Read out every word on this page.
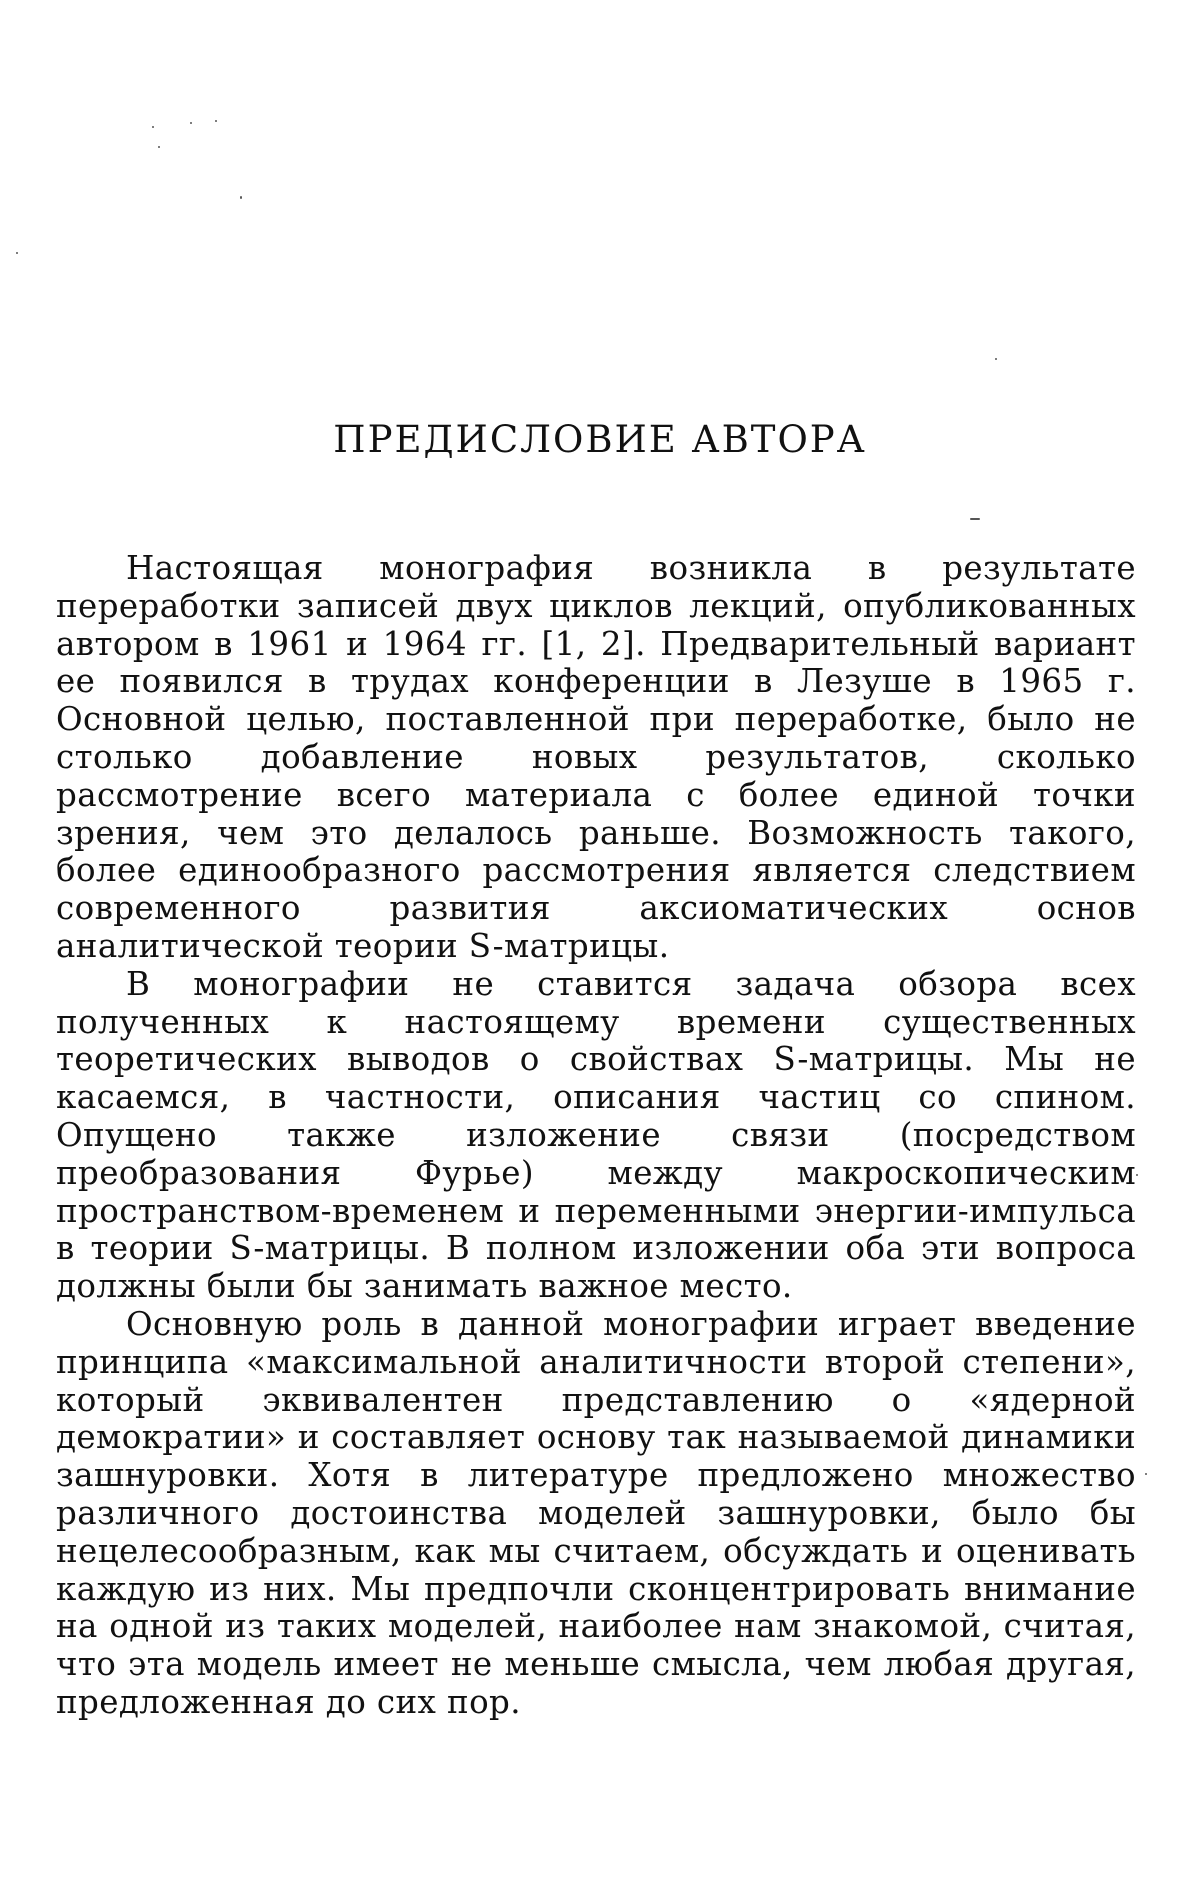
ПРЕДИСЛОВИЕ АВТОРА

Настоящая монография возникла в результате переработки записей двух циклов лекций, опубликованных автором в 1961 и 1964 гг. [1, 2]. Предварительный вариант ее появился в трудах конференции в Лезуше в 1965 г. Основной целью, поставленной при переработке, было не столько добавление новых результатов, сколько рассмотрение всего материала с более единой точки зрения, чем это делалось раньше. Возможность такого, более единообразного рассмотрения является следствием современного развития аксиоматических основ аналитической теории S-матрицы.

В монографии не ставится задача обзора всех полученных к настоящему времени существенных теоретических выводов о свойствах S-матрицы. Мы не касаемся, в частности, описания частиц со спином. Опущено также изложение связи (посредством преобразования Фурье) между макроскопическим пространством-временем и переменными энергии-импульса в теории S-матрицы. В полном изложении оба эти вопроса должны были бы занимать важное место.

Основную роль в данной монографии играет введение принципа «максимальной аналитичности второй степени», который эквивалентен представлению о «ядерной демократии» и составляет основу так называемой динамики зашнуровки. Хотя в литературе предложено множество различного достоинства моделей зашнуровки, было бы нецелесообразным, как мы считаем, обсуждать и оценивать каждую из них. Мы предпочли сконцентрировать внимание на одной из таких моделей, наиболее нам знакомой, считая, что эта модель имеет не меньше смысла, чем любая другая, предложенная до сих пор.
